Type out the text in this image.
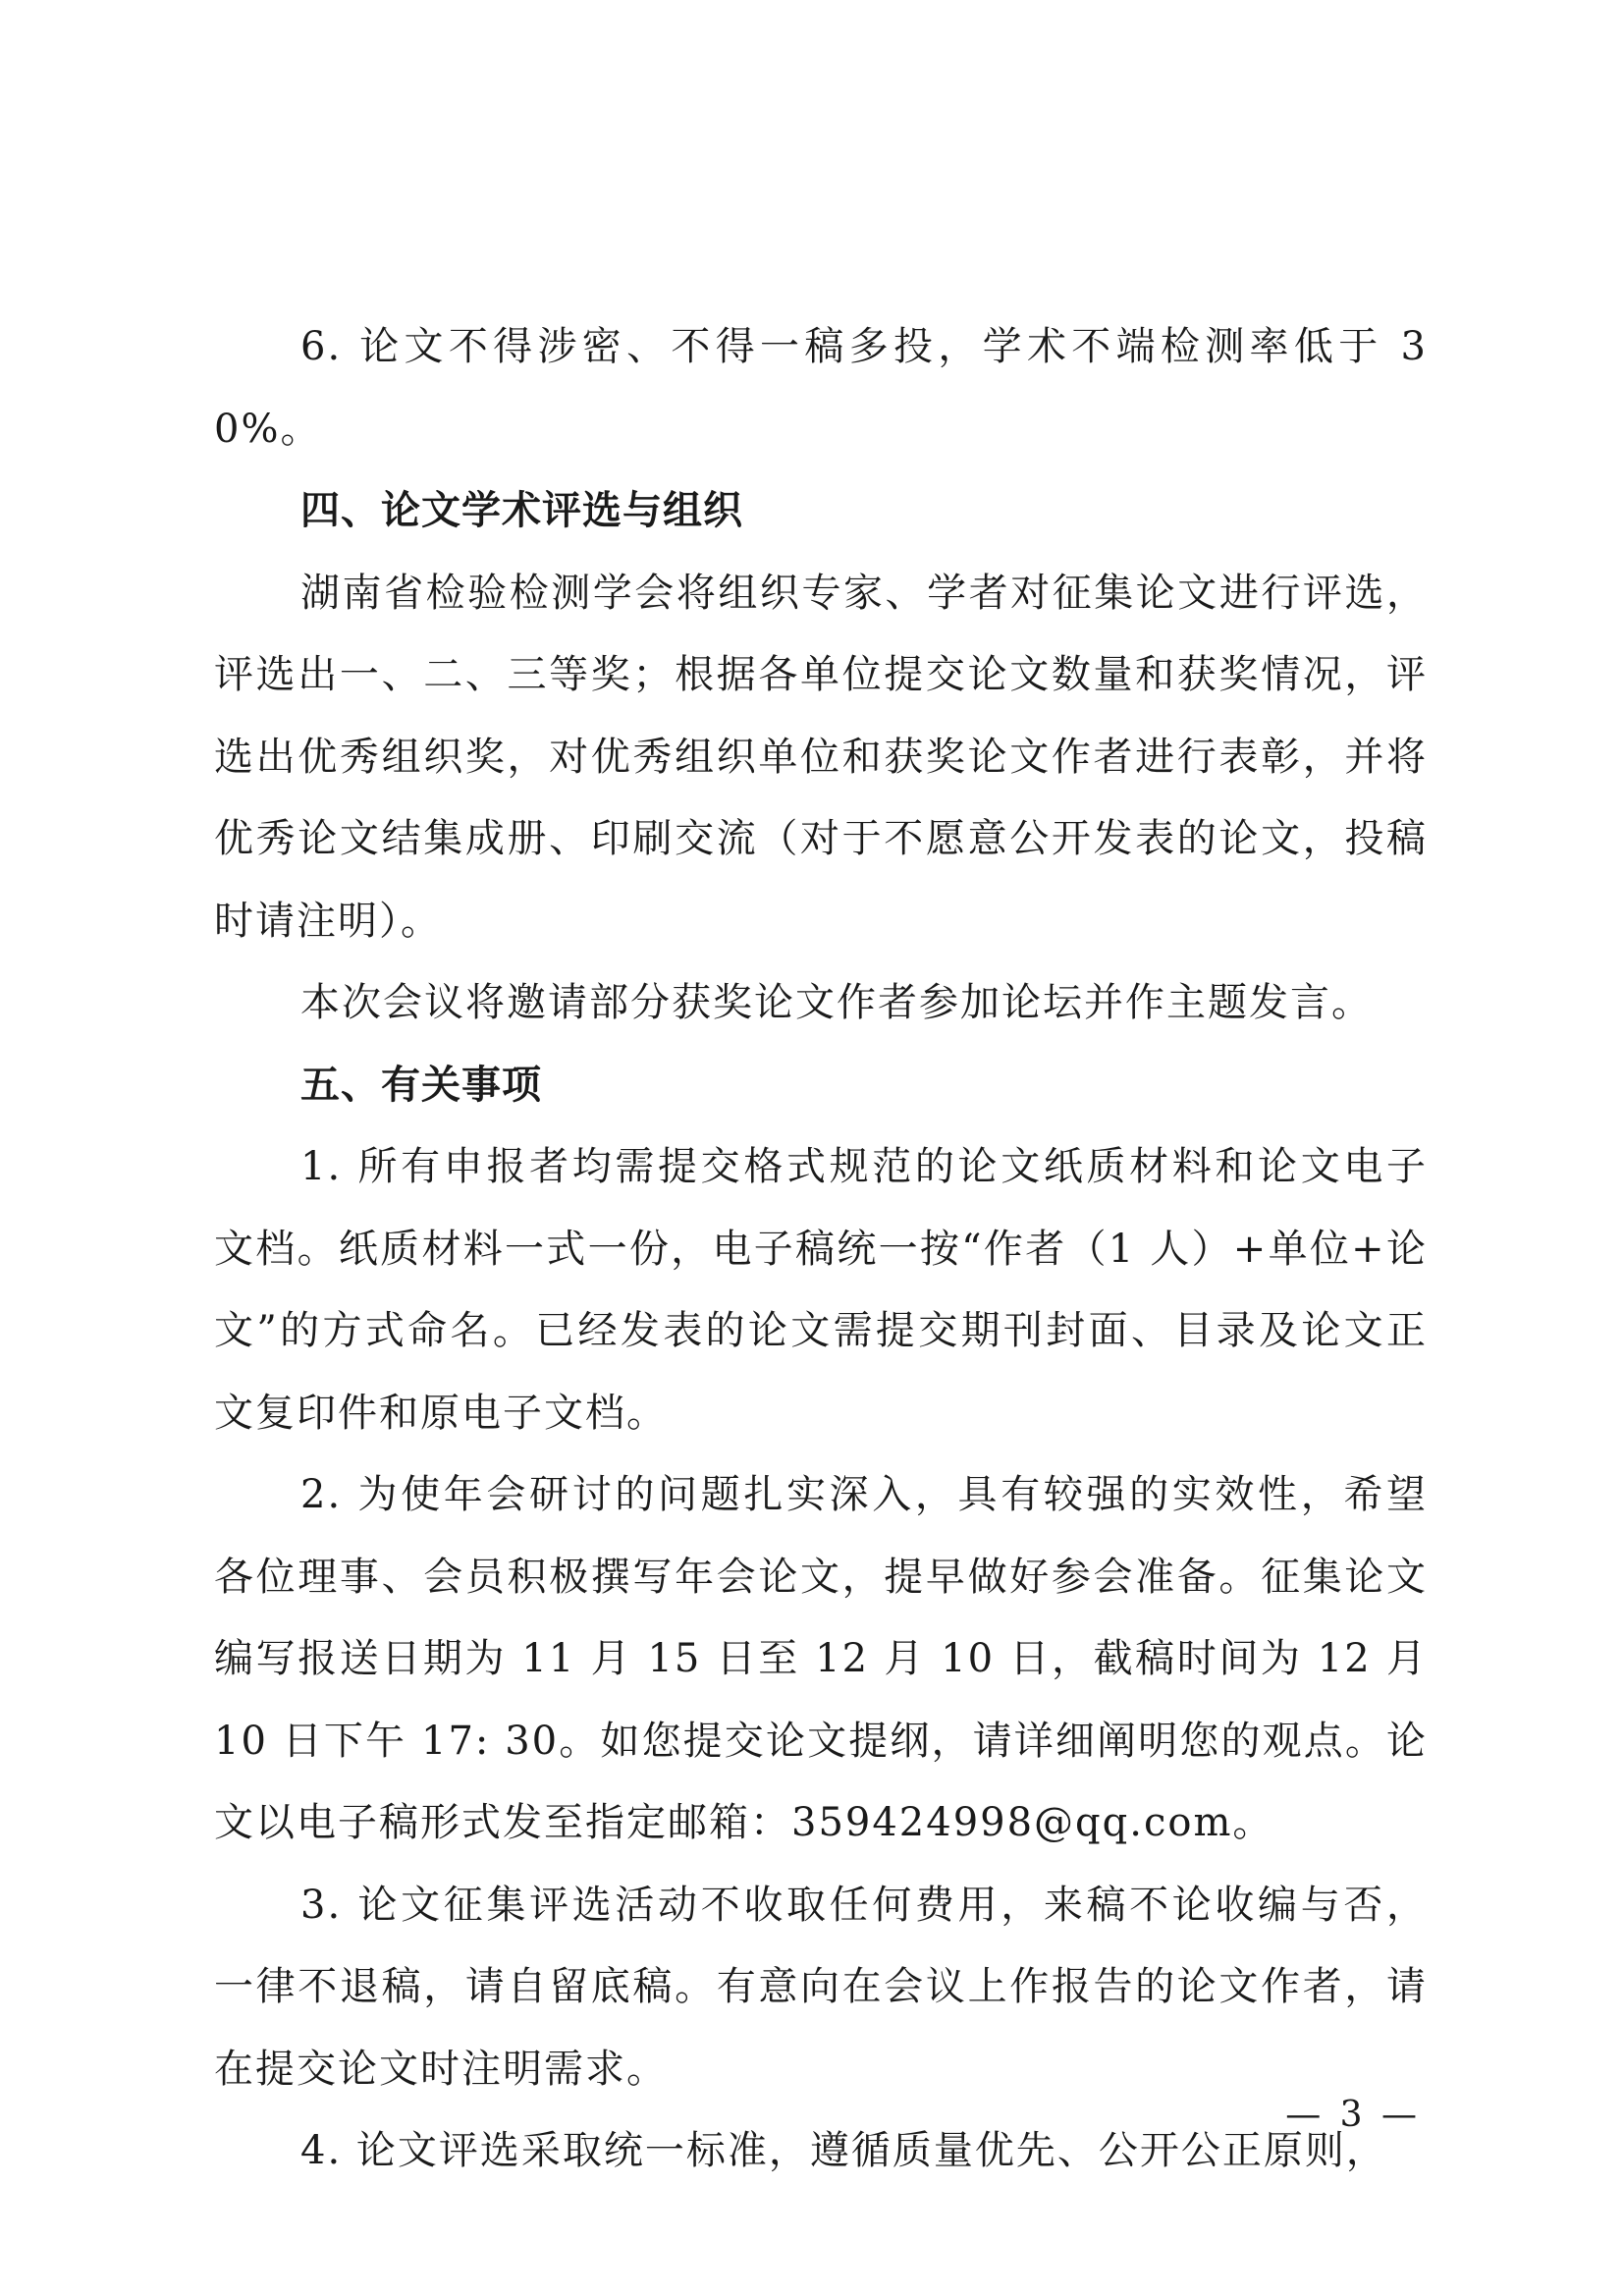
6. 论文不得涉密、不得一稿多投，学术不端检测率低于 30%。

四、论文学术评选与组织

湖南省检验检测学会将组织专家、学者对征集论文进行评选，评选出一、二、三等奖；根据各单位提交论文数量和获奖情况，评选出优秀组织奖，对优秀组织单位和获奖论文作者进行表彰，并将优秀论文结集成册、印刷交流（对于不愿意公开发表的论文，投稿时请注明）。

本次会议将邀请部分获奖论文作者参加论坛并作主题发言。

五、有关事项

1. 所有申报者均需提交格式规范的论文纸质材料和论文电子文档。纸质材料一式一份，电子稿统一按“作者（1 人）+单位+论文”的方式命名。已经发表的论文需提交期刊封面、目录及论文正文复印件和原电子文档。

2. 为使年会研讨的问题扎实深入，具有较强的实效性，希望各位理事、会员积极撰写年会论文，提早做好参会准备。征集论文编写报送日期为 11 月 15 日至 12 月 10 日，截稿时间为 12 月 10 日下午 17: 30。如您提交论文提纲，请详细阐明您的观点。论文以电子稿形式发至指定邮箱：359424998@qq.com。

3. 论文征集评选活动不收取任何费用，来稿不论收编与否，一律不退稿，请自留底稿。有意向在会议上作报告的论文作者，请在提交论文时注明需求。

4. 论文评选采取统一标准，遵循质量优先、公开公正原则，

— 3 —
